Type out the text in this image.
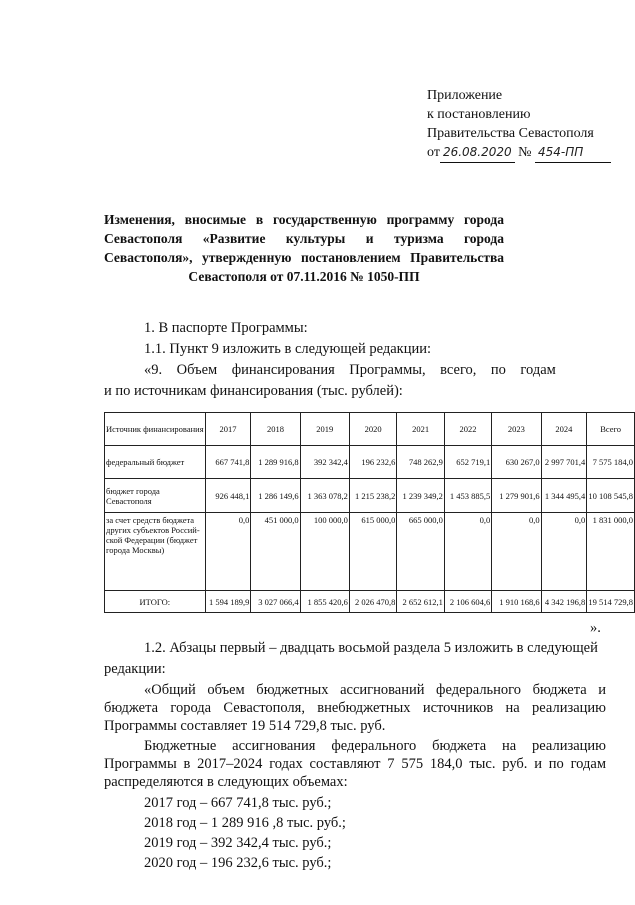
Приложение
к постановлению
Правительства Севастополя
от 26.08.2020 № 454-ПП
Изменения, вносимые в государственную программу города Севастополя «Развитие культуры и туризма города Севастополя», утвержденную постановлением Правительства Севастополя от 07.11.2016 № 1050-ПП
1. В паспорте Программы:
1.1. Пункт 9 изложить в следующей редакции:
«9.    Объем    финансирования    Программы,    всего,    по    годам
и по источникам финансирования (тыс. рублей):
Источник финансирования	2017	2018	2019	2020	2021	2022	2023	2024	Всего
федеральный бюджет	667 741,8	1 289 916,8	392 342,4	196 232,6	748 262,9	652 719,1	630 267,0	2 997 701,4	7 575 184,0
бюджет города Севастополя	926 448,1	1 286 149,6	1 363 078,2	1 215 238,2	1 239 349,2	1 453 885,5	1 279 901,6	1 344 495,4	10 108 545,8
за счет средств бюджета других субъектов Россий-ской Федерации (бюджет города Москвы)	0,0	451 000,0	100 000,0	615 000,0	665 000,0	0,0	0,0	0,0	1 831 000,0
ИТОГО:	1 594 189,9	3 027 066,4	1 855 420,6	2 026 470,8	2 652 612,1	2 106 604,6	1 910 168,6	4 342 196,8	19 514 729,8
».
1.2. Абзацы первый – двадцать восьмой раздела 5 изложить в следующей
редакции:
«Общий объем бюджетных ассигнований федерального бюджета и бюджета города Севастополя, внебюджетных источников на реализацию Программы составляет 19 514 729,8 тыс. руб.
Бюджетные ассигнования федерального бюджета на реализацию Программы в 2017–2024 годах составляют 7 575 184,0 тыс. руб. и по годам распределяются в следующих объемах:
2017 год – 667 741,8 тыс. руб.;
2018 год – 1 289 916 ,8 тыс. руб.;
2019 год – 392 342,4 тыс. руб.;
2020 год – 196 232,6 тыс. руб.;
